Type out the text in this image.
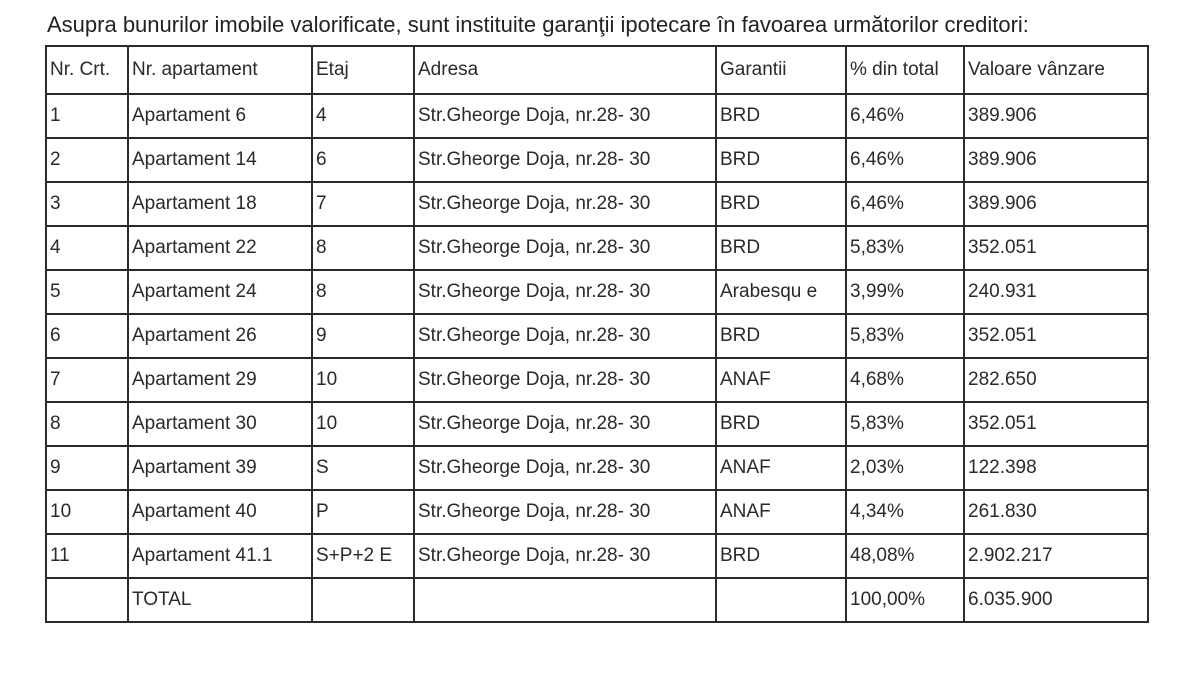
Asupra bunurilor imobile valorificate, sunt instituite garanţii ipotecare în favoarea următorilor creditori:
Nr. Crt.	Nr. apartament	Etaj	Adresa	Garantii	% din total	Valoare vânzare
1	Apartament 6	4	Str.Gheorge Doja, nr.28- 30	BRD	6,46%	389.906
2	Apartament 14	6	Str.Gheorge Doja, nr.28- 30	BRD	6,46%	389.906
3	Apartament 18	7	Str.Gheorge Doja, nr.28- 30	BRD	6,46%	389.906
4	Apartament 22	8	Str.Gheorge Doja, nr.28- 30	BRD	5,83%	352.051
5	Apartament 24	8	Str.Gheorge Doja, nr.28- 30	Arabesqu e	3,99%	240.931
6	Apartament 26	9	Str.Gheorge Doja, nr.28- 30	BRD	5,83%	352.051
7	Apartament 29	10	Str.Gheorge Doja, nr.28- 30	ANAF	4,68%	282.650
8	Apartament 30	10	Str.Gheorge Doja, nr.28- 30	BRD	5,83%	352.051
9	Apartament 39	S	Str.Gheorge Doja, nr.28- 30	ANAF	2,03%	122.398
10	Apartament 40	P	Str.Gheorge Doja, nr.28- 30	ANAF	4,34%	261.830
11	Apartament 41.1	S+P+2 E	Str.Gheorge Doja, nr.28- 30	BRD	48,08%	2.902.217
	TOTAL				100,00%	6.035.900
